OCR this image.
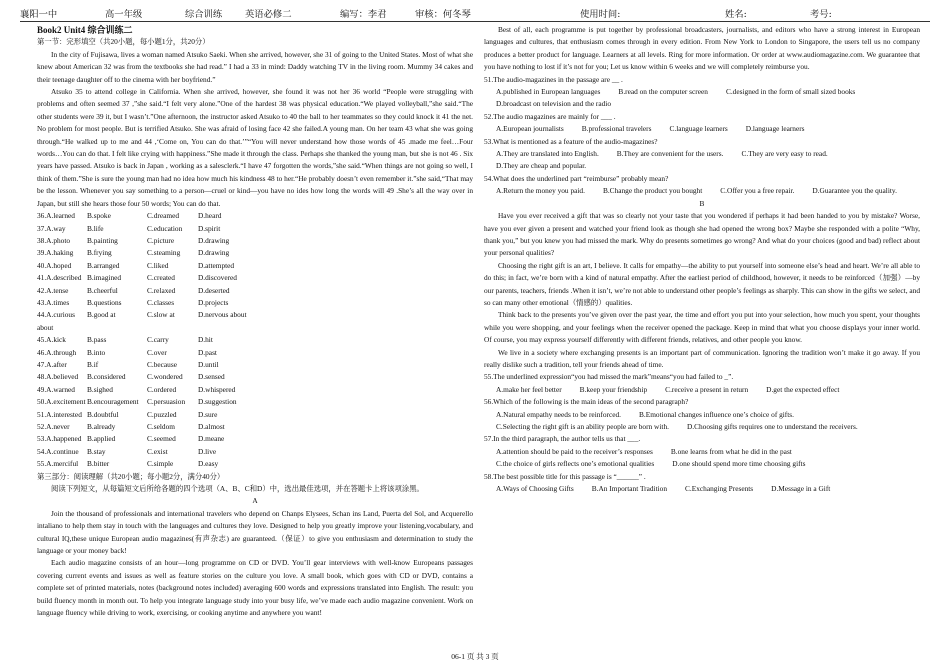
襄阳一中	高一年级	综合训练 英语必修二	编写：李君	审核：何冬琴	使用时间:	姓名:	考号:

Book2 Unit4 综合训练二

第一节：完形填空（共20小题，每小题1分，共20分）

In the city of Fujisawa, lives a woman named Atsuko Saeki. When she arrived, however, she 31 of going to the United States. Most of what she knew about American 32 was from the textbooks she had read.” I had a 33 in mind: Daddy watching TV in the living room. Mummy 34 cakes and their teenage daughter off to the cinema with her boyfriend.”

Atsuko 35 to attend college in California. When she arrived, however, she found it was not her 36 world “People were struggling with problems and often seemed 37 ,”she said.“I felt very alone.”One of the hardest 38 was physical education.“We played volleyball,”she said.“The other students were 39 it, but I wasn’t.”One afternoon, the instructor asked Atsuko to 40 the ball to her teammates so they could knock it 41 the net. No problem for most people. But is terrified Atsuko. She was afraid of losing face 42 she failed.A young man. On her team 43 what she was going through.“He walked up to me and 44 ,‘Come on, You can do that.’”“You will never understand how those words of 45 .made me feel…Four words…You can do that. I felt like crying with happiness.”She made it through the class. Perhaps she thanked the young man, but she is not 46 . Six years have passed. Atsuko is back in Japan , working as a salesclerk.“I have 47 forgotten the words,”she said.“When things are not going so well, I think of them.”She is sure the young man had no idea how much his kindness 48 to her.“He probably doesn’t even remember it.”she said,“That may be the lesson. Whenever you say something to a person—cruel or kind—you have no ides how long the words will 49 .She’s all the way over in Japan, but still she hears those four 50 words; You can do that.

36.A.learned	B.spoke	C.dreamed	D.heard
37.A.way	B.life	C.education	D.spirit
38.A.photo	B.painting	C.picture	D.drawing
39.A.haking	B.frying	C.steaming	D.drawing
40.A.hoped	B.arranged	C.liked	D.attempted
41.A.described B.imagined	C.created	D.discovered
42.A.tense	B.cheerful	C.relaxed	D.deserted
43.A.times	B.questions	C.classes	D.projects
44.A.curious about
B.good at	C.slow at	D.nervous about
45.A.kick	B.pass	C.carry	D.hit
46.A.through	B.into	C.over	D.past
47.A.after	B.if	C.because	D.until
48.A.believed	B.considered	C.wondered	D.sensed
49.A.warned	B.sighed	C.ordered	D.whispered
50.A.excitement B.encouragement	C.persuasion	D.suggestion
51.A.interested B.doubtful	C.puzzled	D.sure
52.A.never	B.already	C.seldom	D.almost
53.A.happened B.applied	C.seemed	D.meane
54.A.continue	B.stay	C.exist	D.live
55.A.merciful	B.bitter	C.simple	D.easy

第三部分：阅读理解（共20小题；每小题2分，满分40分）

阅读下列短文，从每篇短文后所给各题的四个选项（A、B、C和D）中，选出最佳选项，并在答题卡上将该项涂黑。

A

Join the thousand of professionals and international travelers who depend on Chanps Elysees, Schan ins Land, Puerta del Sol, and Acquerello intaliano to help them stay in touch with the languages and cultures they love. Designed to help you greatly improve your listening,vocabulary, and cultural IQ,these unique European audio magazines(有声杂志) are guaranteed.（保证）to give you enthusiasm and determination to study the language or your money back!

Each audio magazine consists of an hour—long programme on CD or DVD. You’ll gear interviews with well-know Europeans passages covering current events and issues as well as feature stories on the culture you love. A small book, which goes with CD or DVD, contains a complete set of printed materials, notes (background notes included) averaging 600 words and expressions translated into English. The result: you build fluency month in month out. To help you integrate language study into your busy life, we’ve made each audio magazine convenient. Work on language fluency while driving to work, exercising, or cooking anytime and anywhere you want!

Best of all, each programme is put together by professional broadcasters, journalists, and editors who have a strong interest in European languages and cultures, that enthusiasm comes through in every edition. From New York to London to Singapore, the users tell us no company produces a better product for language. Learners at all levels. Ring for more information. Or order at www.audiomagazine.com. We guarantee that you have nothing to lost if it’s not for you; Let us know within 6 weeks and we will completely reimburse you.

51.The audio-magazines in the passage are __ .

A.published in European languages B.read on the computer screen C.designed in the form of small sized booksD.broadcast on television and the radio

52.The audio magazines are mainly for ___ .

A.European journalists B.professional travelers C.language learners D.language learners

53.What is mentioned as a feature of the audio-magazines?

A.They are translated into English. B.They are convenient for the users. C.They are very easy to read.D.They are cheap and popular.

54.What does the underlined part “reimburse” probably mean?

A.Return the money you paid. B.Change the product you bought C.Offer you a free repair. D.Guarantee you the quality.

B

Have you ever received a gift that was so clearly not your taste that you wondered if perhaps it had been handed to you by mistake? Worse, have you ever given a present and watched your friend look as though she had opened the wrong box? Maybe she responded with a polite “Why, thank you,” but you knew you had missed the mark. Why do presents sometimes go wrong? And what do your choices (good and bad) reflect about your personal qualities?

Choosing the right gift is an art, I believe. It calls for empathy—the ability to put yourself into someone else’s head and heart. We’re all able to do this; in fact, we’re born with a kind of natural empathy. After the earliest period of childhood, however, it needs to be reinforced（加强）—by our parents, teachers, friends .When it isn’t, we’re not able to understand other people’s feelings as sharply. This can show in the gifts we select, and so can many other emotional（情感的）qualities.

Think back to the presents you’ve given over the past year, the time and effort you put into your selection, how much you spent, your thoughts while you were shopping, and your feelings when the receiver opened the package. Keep in mind that what you choose displays your inner world. Of course, you may express yourself differently with different friends, relatives, and other people you know.

We live in a society where exchanging presents is an important part of communication. Ignoring the tradition won’t make it go away. If you really dislike such a tradition, tell your friends ahead of time.

55.The underlined expression“you had missed the mark”means“you had failed to _”.

A.make her feel better B.keep your friendship C.receive a present in return D.get the expected effect

56.Which of the following is the main ideas of the second paragraph?

A.Natural empathy needs to be reinforced. B.Emotional changes influence one’s choice of gifts.C.Selecting the right gift is an ability people are born with. D.Choosing gifts requires one to understand the receivers.

57.In the third paragraph, the author tells us that ___.

A.attention should be paid to the receiver’s responses B.one learns from what he did in the pastC.the choice of girls reflects one’s emotional qualities D.one should spend more time choosing gifts

58.The best possible title for this passage is “______” .

A.Ways of Choosing Gifts B.An Important Tradition C.Exchanging Presents D.Message in a Gift

06-1 页 共 3 页
